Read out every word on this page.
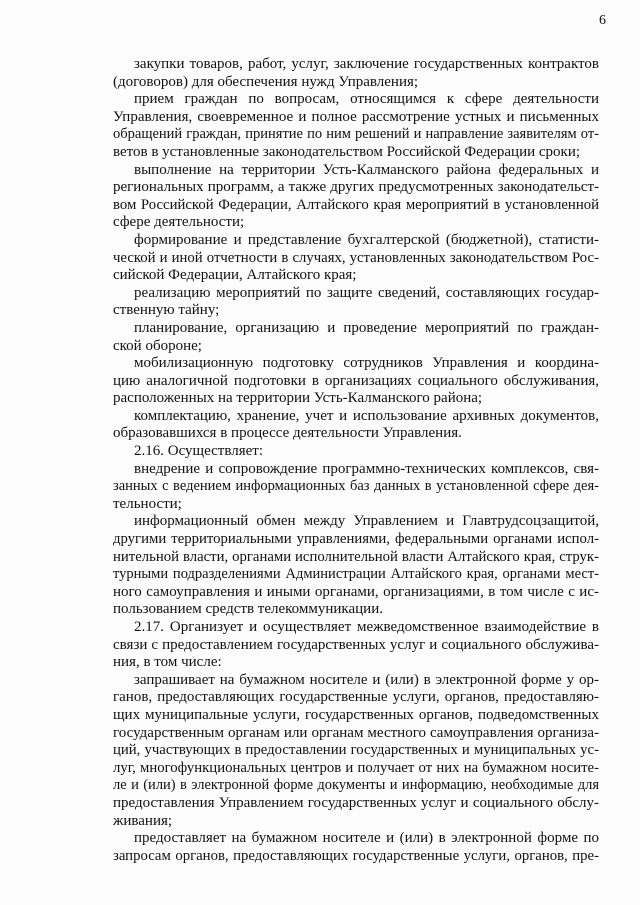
6
закупки товаров, работ, услуг, заключение государственных контрактов
(договоров) для обеспечения нужд Управления;
прием граждан по вопросам, относящимся к сфере деятельности
Управления, своевременное и полное рассмотрение устных и письменных
обращений граждан, принятие по ним решений и направление заявителям от-
ветов в установленные законодательством Российской Федерации сроки;
выполнение на территории Усть-Калманского района федеральных и
региональных программ, а также других предусмотренных законодательст-
вом Российской Федерации, Алтайского края мероприятий в установленной
сфере деятельности;
формирование и представление бухгалтерской (бюджетной), статисти-
ческой и иной отчетности в случаях, установленных законодательством Рос-
сийской Федерации, Алтайского края;
реализацию мероприятий по защите сведений, составляющих государ-
ственную тайну;
планирование, организацию и проведение мероприятий по граждан-
ской обороне;
мобилизационную подготовку сотрудников Управления и координа-
цию аналогичной подготовки в организациях социального обслуживания,
расположенных на территории Усть-Калманского района;
комплектацию, хранение, учет и использование архивных документов,
образовавшихся в процессе деятельности Управления.
2.16. Осуществляет:
внедрение и сопровождение программно-технических комплексов, свя-
занных с ведением информационных баз данных в установленной сфере дея-
тельности;
информационный обмен между Управлением и Главтрудсоцзащитой,
другими территориальными управлениями, федеральными органами испол-
нительной власти, органами исполнительной власти Алтайского края, струк-
турными подразделениями Администрации Алтайского края, органами мест-
ного самоуправления и иными органами, организациями, в том числе с ис-
пользованием средств телекоммуникации.
2.17. Организует и осуществляет межведомственное взаимодействие в
связи с предоставлением государственных услуг и социального обслужива-
ния, в том числе:
запрашивает на бумажном носителе и (или) в электронной форме у ор-
ганов, предоставляющих государственные услуги, органов, предоставляю-
щих муниципальные услуги, государственных органов, подведомственных
государственным органам или органам местного самоуправления организа-
ций, участвующих в предоставлении государственных и муниципальных ус-
луг, многофункциональных центров и получает от них на бумажном носите-
ле и (или) в электронной форме документы и информацию, необходимые для
предоставления Управлением государственных услуг и социального обслу-
живания;
предоставляет на бумажном носителе и (или) в электронной форме по
запросам органов, предоставляющих государственные услуги, органов, пре-
